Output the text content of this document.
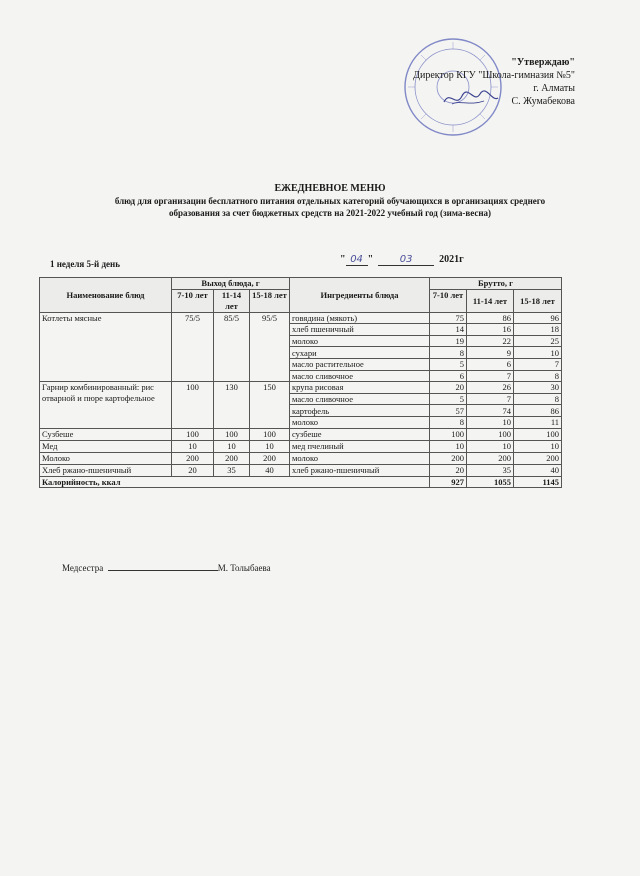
"Утверждаю"
Директор КГУ "Школа-гимназия №5"
г. Алматы
С. Жумабекова
ЕЖЕДНЕВНОЕ МЕНЮ
блюд для организации бесплатного питания отдельных категорий обучающихся в организациях среднего
образования за счет бюджетных средств на 2021-2022 учебный год (зима-весна)
1 неделя 5-й день	" 04 "	03	2021г
Наименование блюд	Выход блюда, г			Ингредиенты блюда	Брутто, г		
	7-10 лет	11-14 лет	15-18 лет		7-10 лет	11-14 лет	15-18 лет
Котлеты мясные	75/5	85/5	95/5	говядина (мякоть)	75	86	96
				хлеб пшеничный	14	16	18
				молоко	19	22	25
				сухари	8	9	10
				масло растительное	5	6	7
				масло сливочное	6	7	8
Гарнир комбинированный: рис отварной и пюре картофельное	100	130	150	крупа рисовая	20	26	30
				масло сливочное	5	7	8
				картофель	57	74	86
				молоко	8	10	11
Сузбеше	100	100	100	сузбеше	100	100	100
Мед	10	10	10	мед пчелиный	10	10	10
Молоко	200	200	200	молоко	200	200	200
Хлеб ржано-пшеничный	20	35	40	хлеб ржано-пшеничный	20	35	40
Калорийность, ккал					927	1055	1145
Медсестра	М. Толыбаева
